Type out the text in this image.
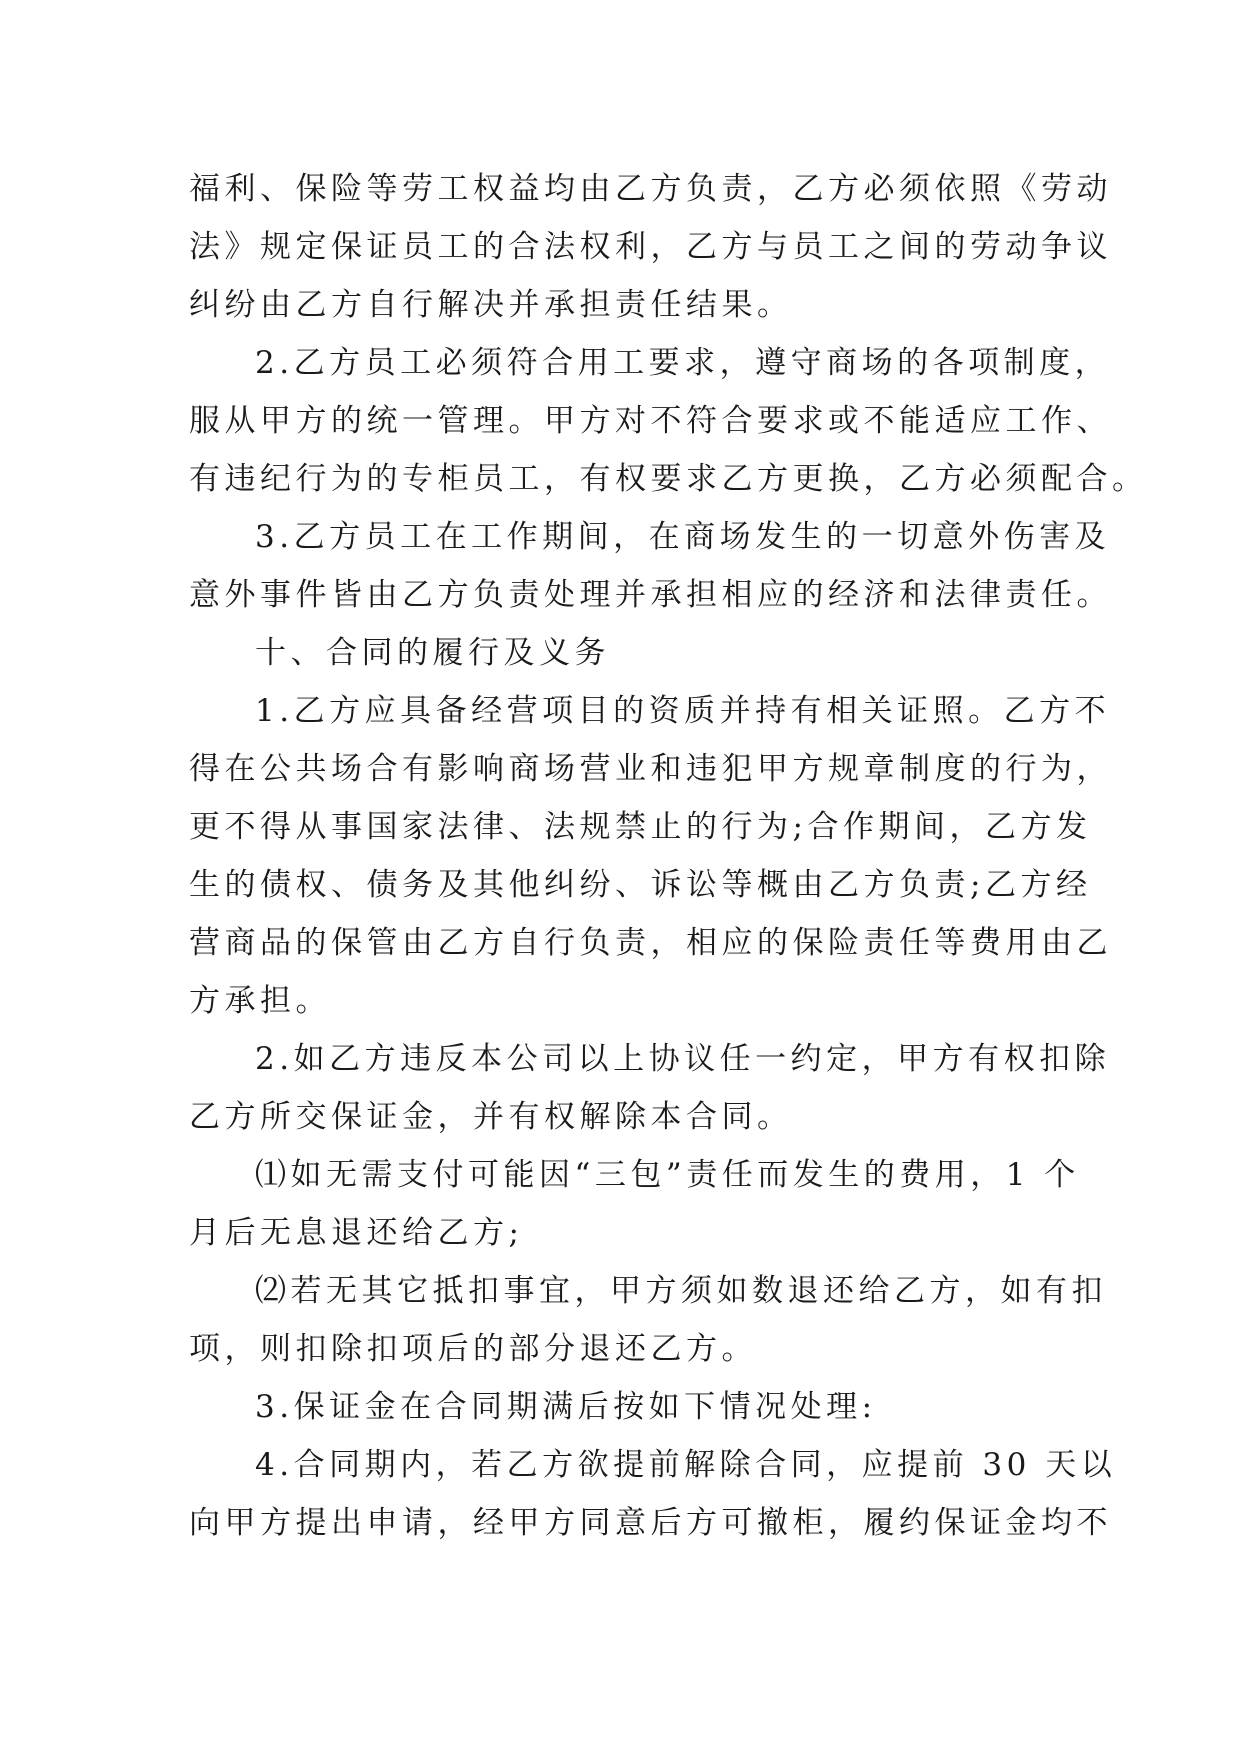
福利、保险等劳工权益均由乙方负责，乙方必须依照《劳动
法》规定保证员工的合法权利，乙方与员工之间的劳动争议
纠纷由乙方自行解决并承担责任结果。
2.乙方员工必须符合用工要求，遵守商场的各项制度，
服从甲方的统一管理。甲方对不符合要求或不能适应工作、
有违纪行为的专柜员工，有权要求乙方更换，乙方必须配合。
3.乙方员工在工作期间，在商场发生的一切意外伤害及
意外事件皆由乙方负责处理并承担相应的经济和法律责任。
十、合同的履行及义务
1.乙方应具备经营项目的资质并持有相关证照。乙方不
得在公共场合有影响商场营业和违犯甲方规章制度的行为，
更不得从事国家法律、法规禁止的行为;合作期间，乙方发
生的债权、债务及其他纠纷、诉讼等概由乙方负责;乙方经
营商品的保管由乙方自行负责，相应的保险责任等费用由乙
方承担。
2.如乙方违反本公司以上协议任一约定，甲方有权扣除
乙方所交保证金，并有权解除本合同。
⑴如无需支付可能因“三包”责任而发生的费用，1 个
月后无息退还给乙方;
⑵若无其它抵扣事宜，甲方须如数退还给乙方，如有扣
项，则扣除扣项后的部分退还乙方。
3.保证金在合同期满后按如下情况处理:
4.合同期内，若乙方欲提前解除合同，应提前 30 天以
向甲方提出申请，经甲方同意后方可撤柜，履约保证金均不
